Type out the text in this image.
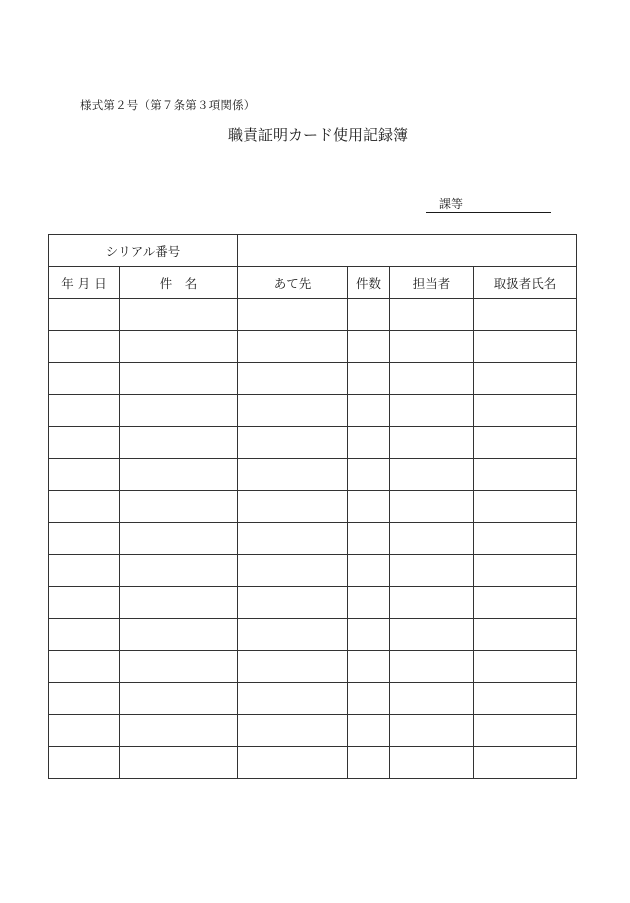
様式第２号（第７条第３項関係）
職責証明カード使用記録簿
課等
シリアル番号					
年 月 日	件　名	あて先	件数	担当者	取扱者氏名
